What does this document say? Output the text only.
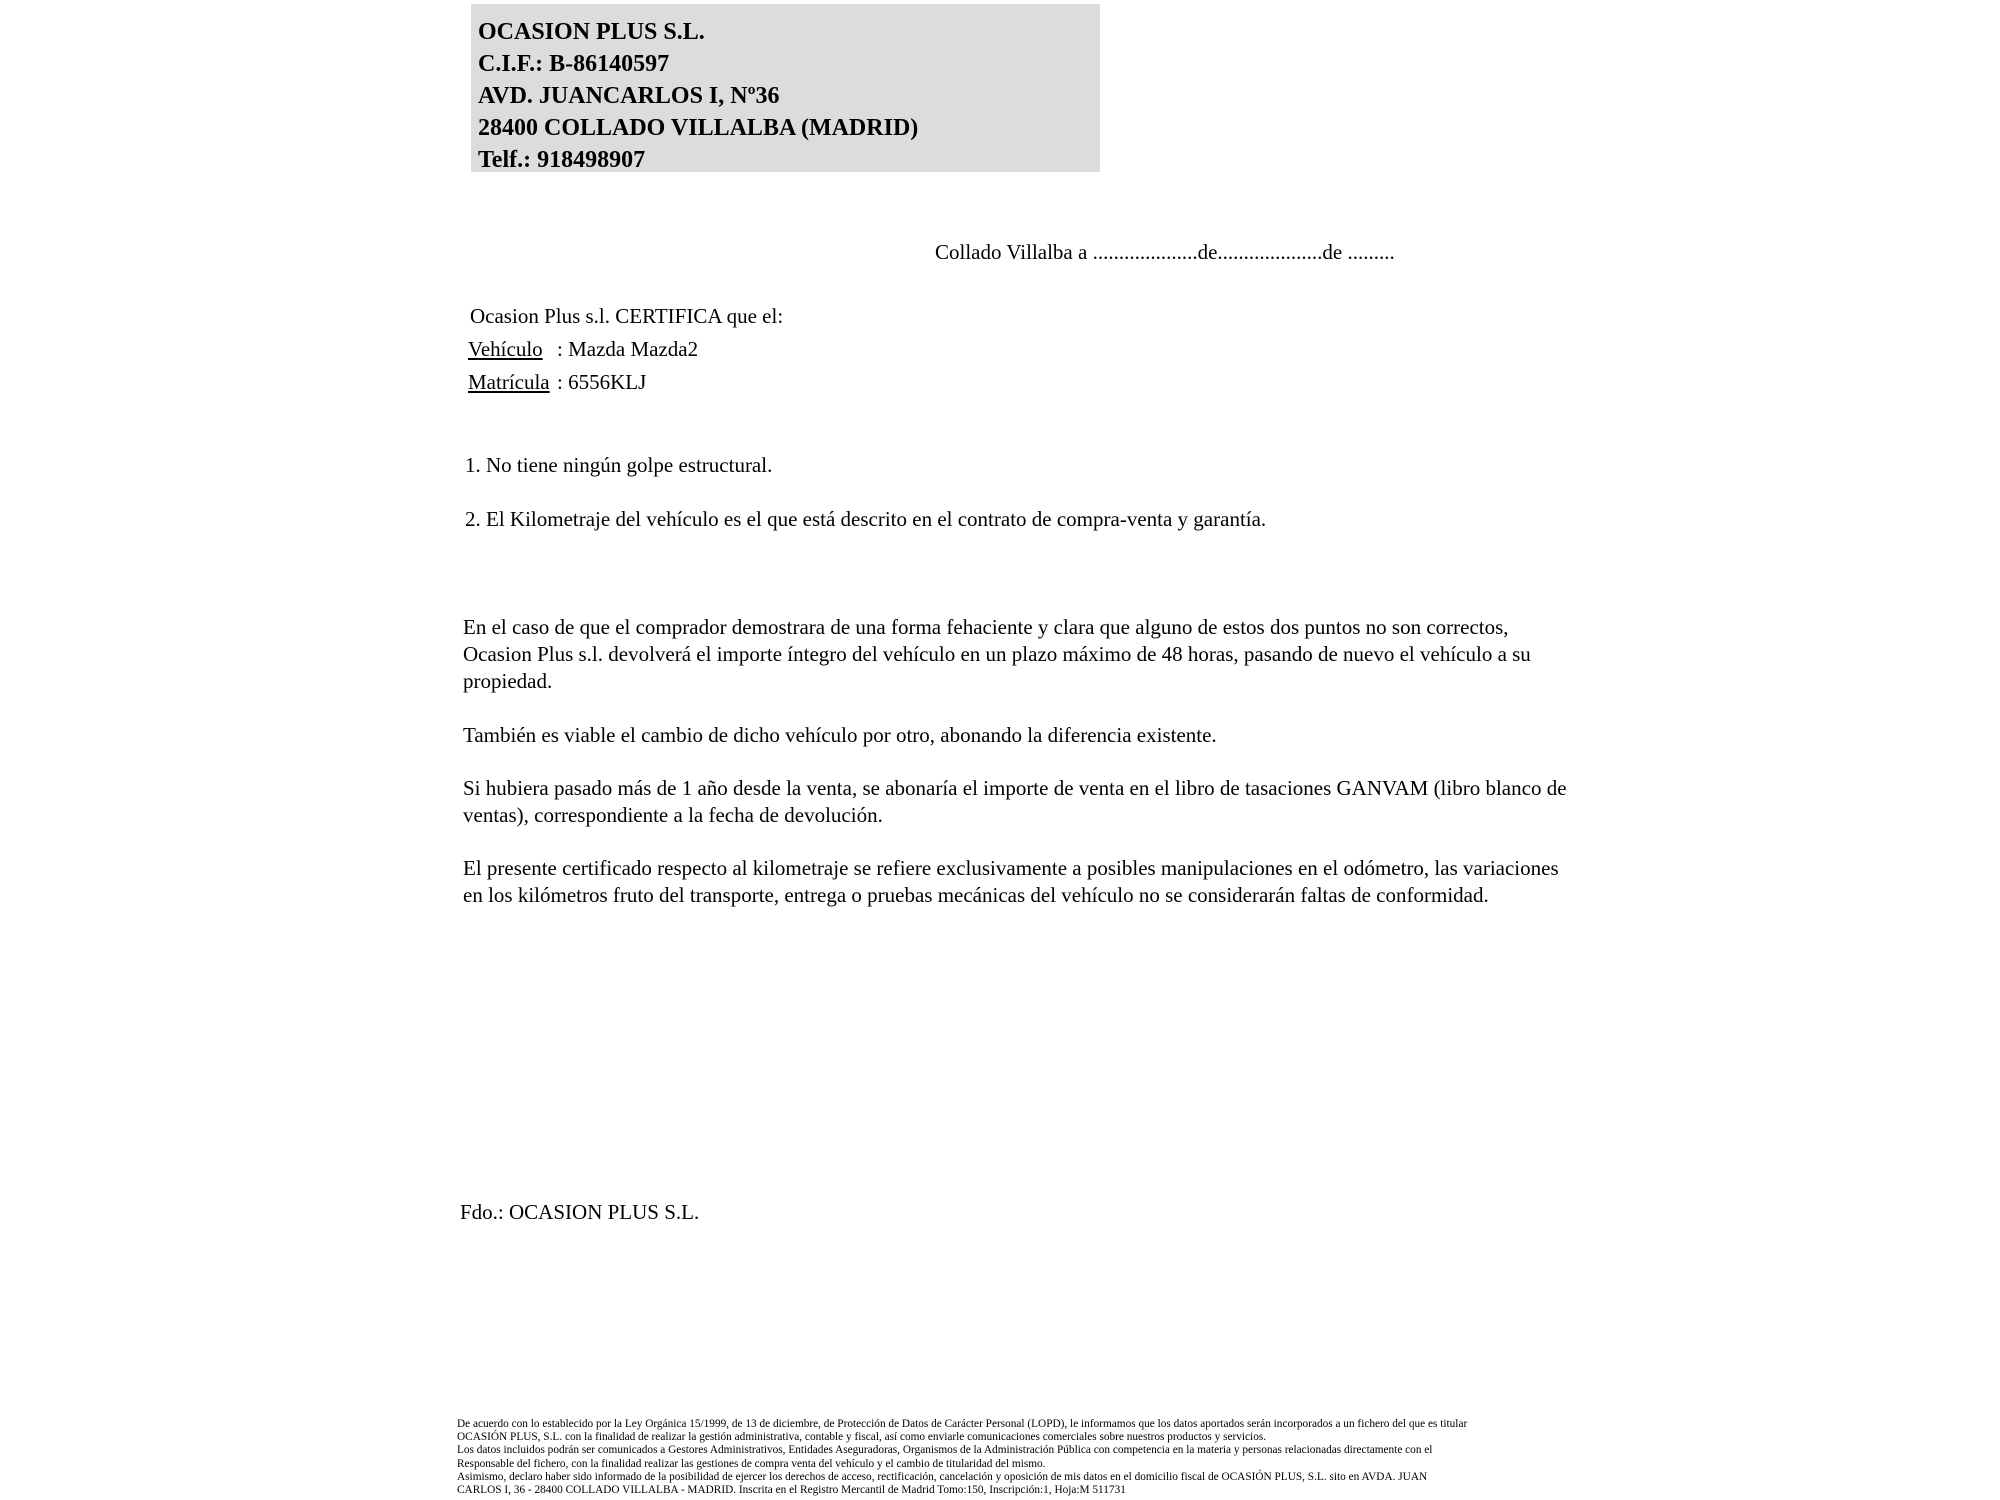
OCASION PLUS S.L.
C.I.F.: B-86140597
AVD. JUANCARLOS I, Nº36
28400 COLLADO VILLALBA (MADRID)
Telf.: 918498907
Collado Villalba a ....................de....................de .........
Ocasion Plus s.l. CERTIFICA que el:
Vehículo : Mazda Mazda2
Matrícula : 6556KLJ
1. No tiene ningún golpe estructural.
2. El Kilometraje del vehículo es el que está descrito en el contrato de compra-venta y garantía.
En el caso de que el comprador demostrara de una forma fehaciente y clara que alguno de estos dos puntos no son correctos, Ocasion Plus s.l. devolverá el importe íntegro del vehículo en un plazo máximo de 48 horas, pasando de nuevo el vehículo a su propiedad.
También es viable el cambio de dicho vehículo por otro, abonando la diferencia existente.
Si hubiera pasado más de 1 año desde la venta, se abonaría el importe de venta en el libro de tasaciones GANVAM (libro blanco de ventas), correspondiente a la fecha de devolución.
El presente certificado respecto al kilometraje se refiere exclusivamente a posibles manipulaciones en el odómetro, las variaciones en los kilómetros fruto del transporte, entrega o pruebas mecánicas del vehículo no se considerarán faltas de conformidad.
Fdo.: OCASION PLUS S.L.
De acuerdo con lo establecido por la Ley Orgánica 15/1999, de 13 de diciembre, de Protección de Datos de Carácter Personal (LOPD), le informamos que los datos aportados serán incorporados a un fichero del que es titular
OCASIÓN PLUS, S.L. con la finalidad de realizar la gestión administrativa, contable y fiscal, así como enviarle comunicaciones comerciales sobre nuestros productos y servicios.
Los datos incluidos podrán ser comunicados a Gestores Administrativos, Entidades Aseguradoras, Organismos de la Administración Pública con competencia en la materia y personas relacionadas directamente con el
Responsable del fichero, con la finalidad realizar las gestiones de compra venta del vehículo y el cambio de titularidad del mismo.
Asimismo, declaro haber sido informado de la posibilidad de ejercer los derechos de acceso, rectificación, cancelación y oposición de mis datos en el domicilio fiscal de OCASIÓN PLUS, S.L. sito en AVDA. JUAN
CARLOS I, 36 - 28400 COLLADO VILLALBA - MADRID. Inscrita en el Registro Mercantil de Madrid Tomo:150, Inscripción:1, Hoja:M 511731
